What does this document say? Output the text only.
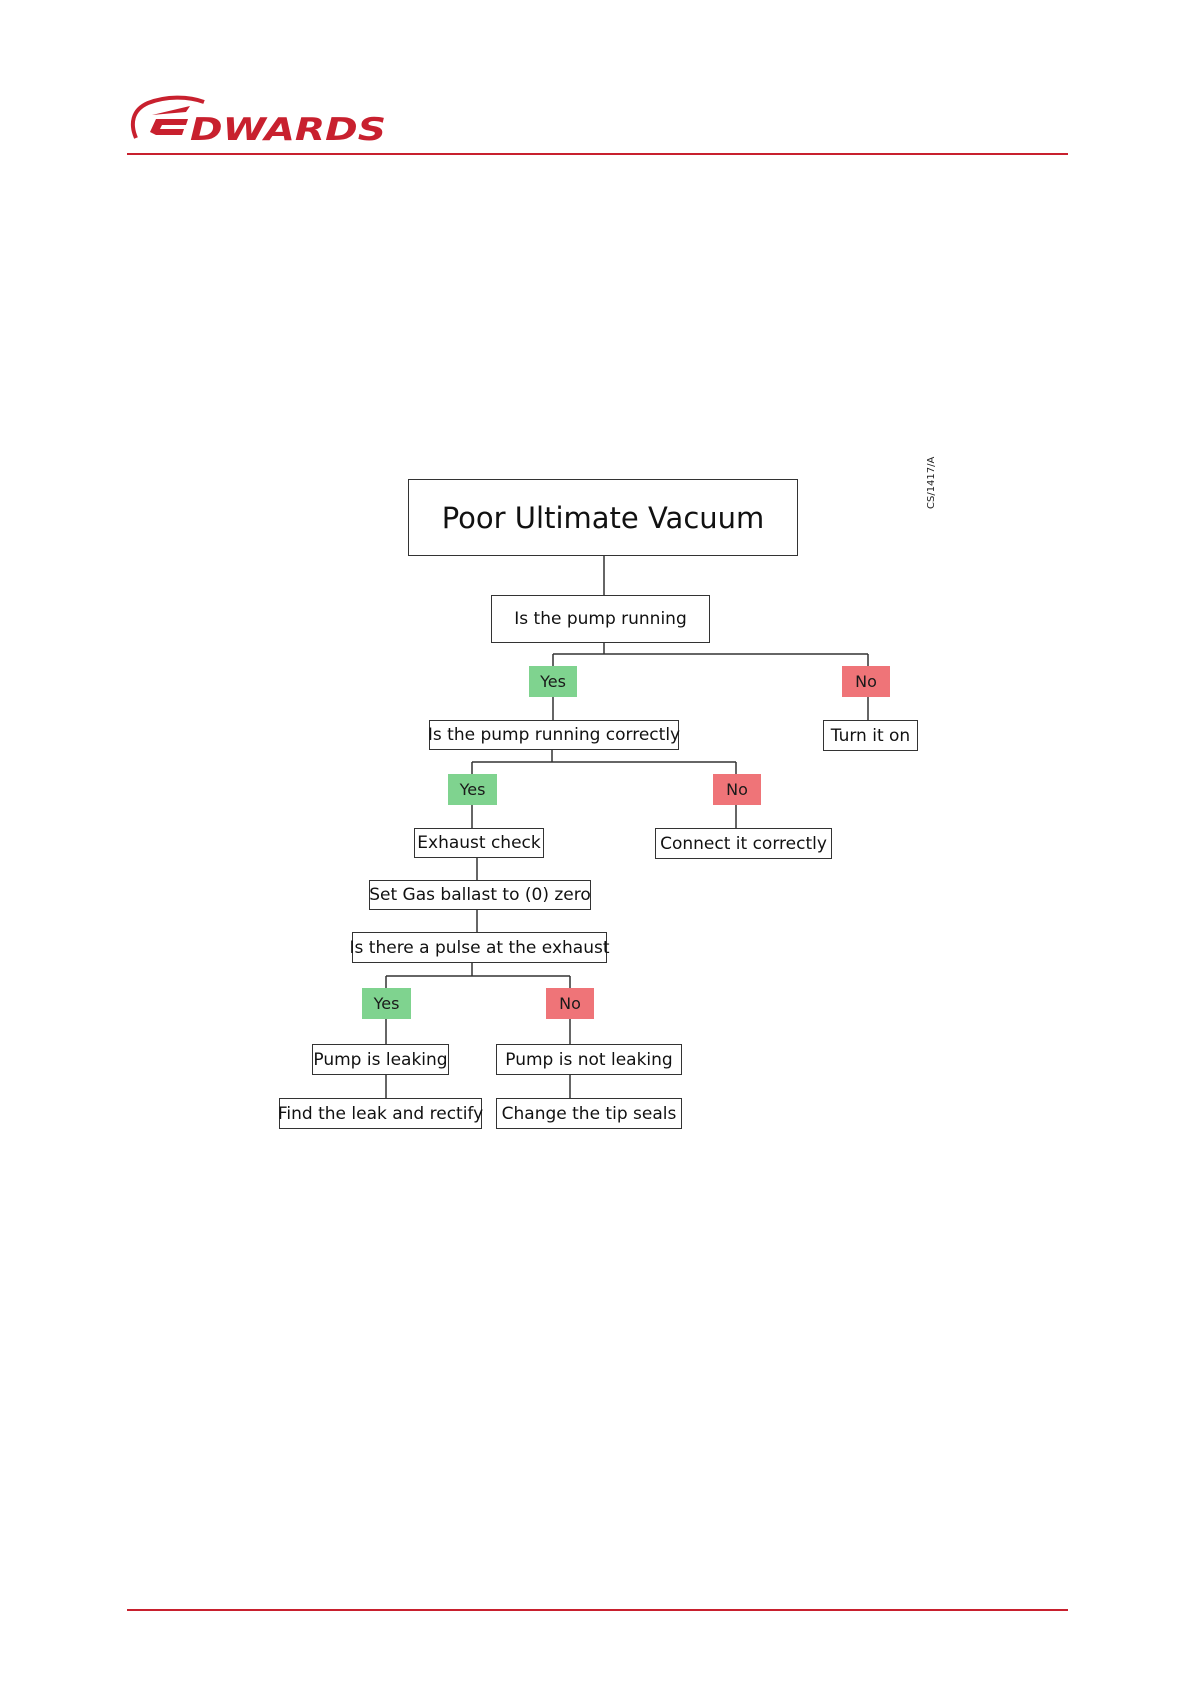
DWARDS
Poor Ultimate Vacuum
CS/1417/A
Is the pump running
Yes	No
Turn it on
Is the pump running correctly
Yes	No
Exhaust check	Connect it correctly
Set Gas ballast to (0) zero
Is there a pulse at the exhaust
Yes	No
Pump is leaking	Pump is not leaking
Find the leak and rectify	Change the tip seals
